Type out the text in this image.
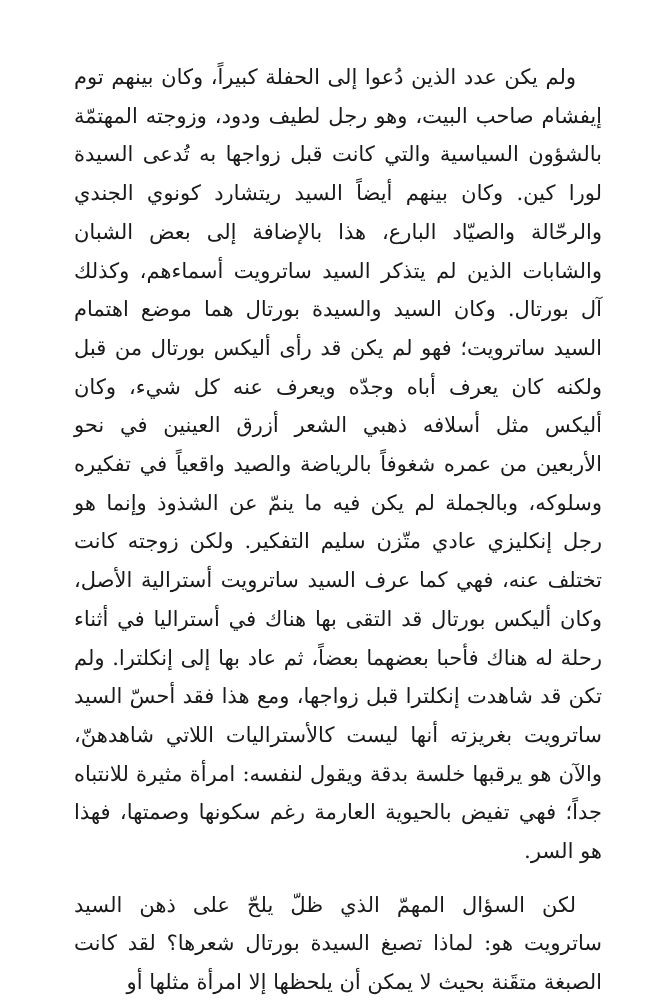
ولم يكن عدد الذين دُعوا إلى الحفلة كبيراً، وكان بينهم توم إيفشام صاحب البيت، وهو رجل لطيف ودود، وزوجته المهتمّة بالشؤون السياسية والتي كانت قبل زواجها به تُدعى السيدة لورا كين. وكان بينهم أيضاً السيد ريتشارد كونوي الجندي والرحّالة والصيّاد البارع، هذا بالإضافة إلى بعض الشبان والشابات الذين لم يتذكر السيد ساترويت أسماءهم، وكذلك آل بورتال. وكان السيد والسيدة بورتال هما موضع اهتمام السيد ساترويت؛ فهو لم يكن قد رأى أليكس بورتال من قبل ولكنه كان يعرف أباه وجدّه ويعرف عنه كل شيء، وكان أليكس مثل أسلافه ذهبي الشعر أزرق العينين في نحو الأربعين من عمره شغوفاً بالرياضة والصيد واقعياً في تفكيره وسلوكه، وبالجملة لم يكن فيه ما ينمّ عن الشذوذ وإنما هو رجل إنكليزي عادي متّزن سليم التفكير. ولكن زوجته كانت تختلف عنه، فهي كما عرف السيد ساترويت أسترالية الأصل، وكان أليكس بورتال قد التقى بها هناك في أستراليا في أثناء رحلة له هناك فأحبا بعضهما بعضاً، ثم عاد بها إلى إنكلترا. ولم تكن قد شاهدت إنكلترا قبل زواجها، ومع هذا فقد أحسّ السيد ساترويت بغريزته أنها ليست كالأستراليات اللاتي شاهدهنّ، والآن هو يرقبها خلسة بدقة ويقول لنفسه: امرأة مثيرة للانتباه جداً؛ فهي تفيض بالحيوية العارمة رغم سكونها وصمتها، فهذا هو السر.

لكن السؤال المهمّ الذي ظلّ يلحّ على ذهن السيد ساترويت هو: لماذا تصبغ السيدة بورتال شعرها؟ لقد كانت الصبغة متقَنة بحيث لا يمكن أن يلحظها إلا امرأة مثلها أو
